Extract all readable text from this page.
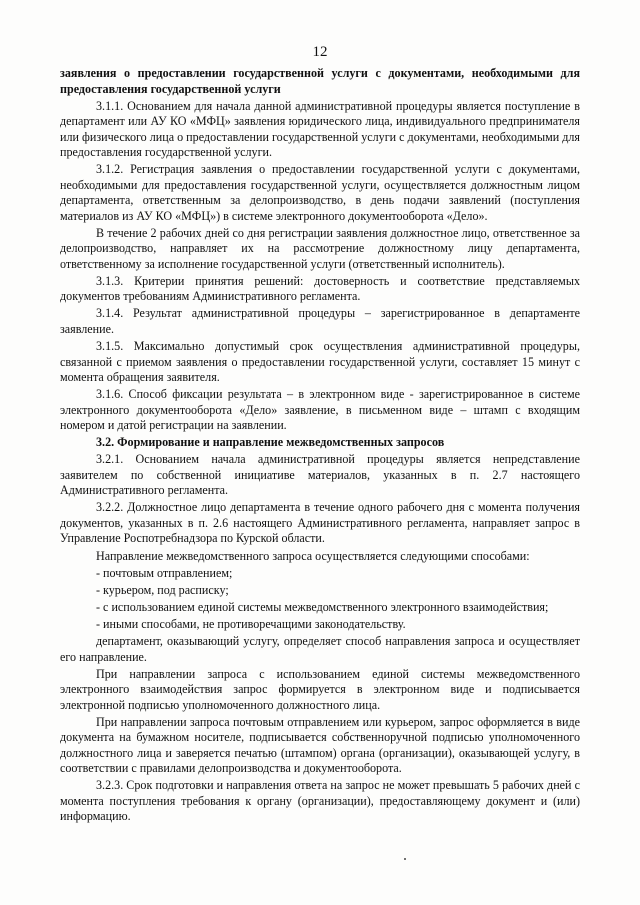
12

заявления о предоставлении государственной услуги с документами, необходимыми для предоставления государственной услуги

3.1.1. Основанием для начала данной административной процедуры является поступление в департамент или АУ КО «МФЦ» заявления юридического лица, индивидуального предпринимателя или физического лица о предоставлении государственной услуги с документами, необходимыми для предоставления государственной услуги.

3.1.2. Регистрация заявления о предоставлении государственной услуги с документами, необходимыми для предоставления государственной услуги, осуществляется должностным лицом департамента, ответственным за делопроизводство, в день подачи заявлений (поступления материалов из АУ КО «МФЦ») в системе электронного документооборота «Дело».

В течение 2 рабочих дней со дня регистрации заявления должностное лицо, ответственное за делопроизводство, направляет их на рассмотрение должностному лицу департамента, ответственному за исполнение государственной услуги (ответственный исполнитель).

3.1.3. Критерии принятия решений: достоверность и соответствие представляемых документов требованиям Административного регламента.

3.1.4. Результат административной процедуры – зарегистрированное в департаменте заявление.

3.1.5. Максимально допустимый срок осуществления административной процедуры, связанной с приемом заявления о предоставлении государственной услуги, составляет 15 минут с момента обращения заявителя.

3.1.6. Способ фиксации результата – в электронном виде - зарегистрированное в системе электронного документооборота «Дело» заявление, в письменном виде – штамп с входящим номером и датой регистрации на заявлении.

3.2. Формирование и направление межведомственных запросов

3.2.1. Основанием начала административной процедуры является непредставление заявителем по собственной инициативе материалов, указанных в п. 2.7 настоящего Административного регламента.

3.2.2. Должностное лицо департамента в течение одного рабочего дня с момента получения документов, указанных в п. 2.6 настоящего Административного регламента, направляет запрос в Управление Роспотребнадзора по Курской области.

Направление межведомственного запроса осуществляется следующими способами:

- почтовым отправлением;

- курьером, под расписку;

- с использованием единой системы межведомственного электронного взаимодействия;

- иными способами, не противоречащими законодательству.

департамент, оказывающий услугу, определяет способ направления запроса и осуществляет его направление.

При направлении запроса с использованием единой системы межведомственного электронного взаимодействия запрос формируется в электронном виде и подписывается электронной подписью уполномоченного должностного лица.

При направлении запроса почтовым отправлением или курьером, запрос оформляется в виде документа на бумажном носителе, подписывается собственноручной подписью уполномоченного должностного лица и заверяется печатью (штампом) органа (организации), оказывающей услугу, в соответствии с правилами делопроизводства и документооборота.

3.2.3. Срок подготовки и направления ответа на запрос не может превышать 5 рабочих дней с момента поступления требования к органу (организации), предоставляющему документ и (или) информацию.
